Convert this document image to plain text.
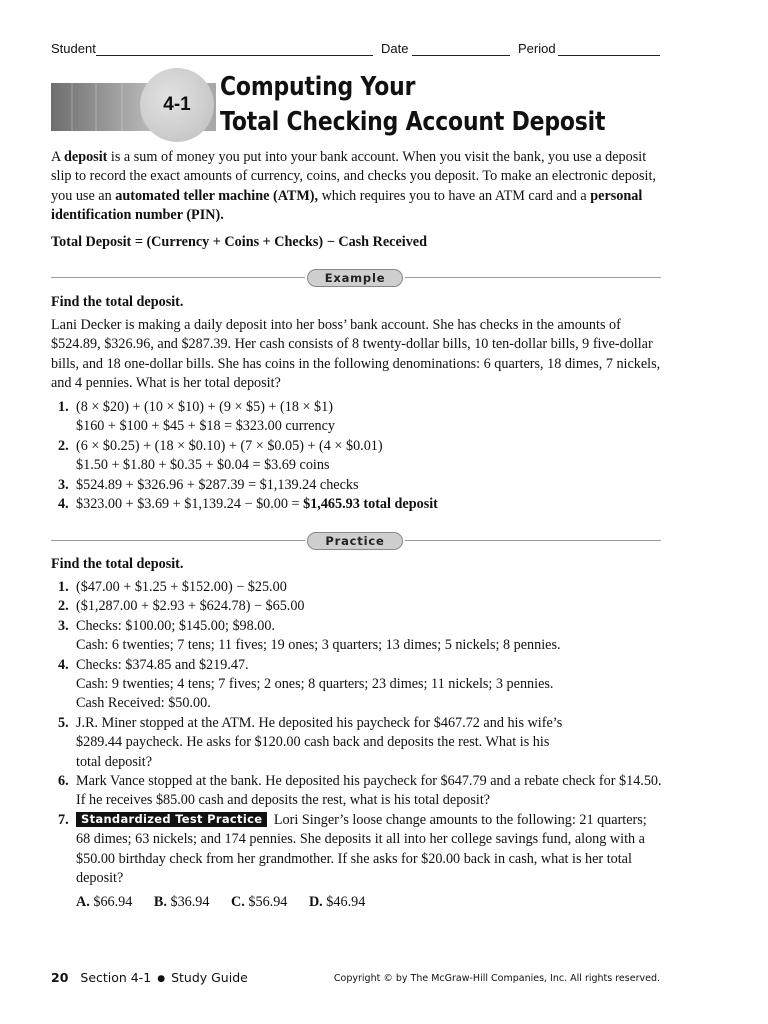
Student	Date	Period
4-1
Computing Your
Total Checking Account Deposit

A deposit is a sum of money you put into your bank account. When you visit the bank, you use a deposit slip to record the exact amounts of currency, coins, and checks you deposit. To make an electronic deposit, you use an automated teller machine (ATM), which requires you to have an ATM card and a personal identification number (PIN).

Total Deposit = (Currency + Coins + Checks) − Cash Received

Example

Find the total deposit.

Lani Decker is making a daily deposit into her boss’ bank account. She has checks in the amounts of $524.89, $326.96, and $287.39. Her cash consists of 8 twenty-dollar bills, 10 ten-dollar bills, 9 five-dollar bills, and 18 one-dollar bills. She has coins in the following denominations: 6 quarters, 18 dimes, 7 nickels, and 4 pennies. What is her total deposit?

1. (8 × $20) + (10 × $10) + (9 × $5) + (18 × $1)
$160 + $100 + $45 + $18 = $323.00 currency
2. (6 × $0.25) + (18 × $0.10) + (7 × $0.05) + (4 × $0.01)
$1.50 + $1.80 + $0.35 + $0.04 = $3.69 coins
3. $524.89 + $326.96 + $287.39 = $1,139.24 checks
4. $323.00 + $3.69 + $1,139.24 − $0.00 = $1,465.93 total deposit
Practice

Find the total deposit.

1. ($47.00 + $1.25 + $152.00) − $25.00
2. ($1,287.00 + $2.93 + $624.78) − $65.00
3. Checks: $100.00; $145.00; $98.00.
Cash: 6 twenties; 7 tens; 11 fives; 19 ones; 3 quarters; 13 dimes; 5 nickels; 8 pennies.
4. Checks: $374.85 and $219.47.
Cash: 9 twenties; 4 tens; 7 fives; 2 ones; 8 quarters; 23 dimes; 11 nickels; 3 pennies.
Cash Received: $50.00.
5. J.R. Miner stopped at the ATM. He deposited his paycheck for $467.72 and his wife’s
$289.44 paycheck. He asks for $120.00 cash back and deposits the rest. What is his
total deposit?
6. Mark Vance stopped at the bank. He deposited his paycheck for $647.79 and a rebate check for $14.50. If he receives $85.00 cash and deposits the rest, what is his total deposit?
7. Standardized Test Practice Lori Singer’s loose change amounts to the following: 21 quarters; 68 dimes; 63 nickels; and 174 pennies. She deposits it all into her college savings fund, along with a $50.00 birthday check from her grandmother. If she asks for $20.00 back in cash, what is her total deposit?
A. $66.94 B. $36.94 C. $56.94 D. $46.94
20 Section 4-1 ● Study Guide	Copyright © by The McGraw-Hill Companies, Inc. All rights reserved.
